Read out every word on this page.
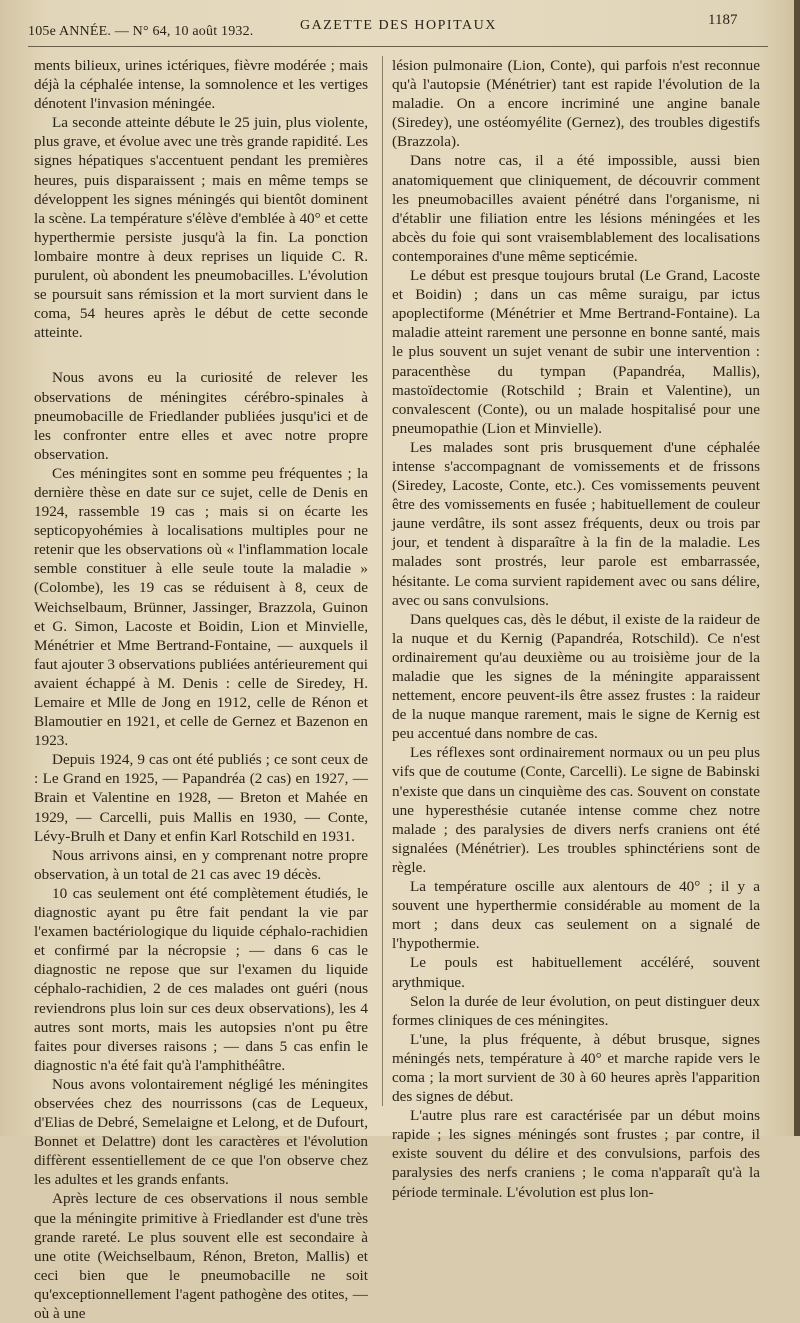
105e ANNÉE. — N° 64, 10 août 1932.	GAZETTE DES HOPITAUX	1187

ments bilieux, urines ictériques, fièvre modérée ; mais déjà la céphalée intense, la somnolence et les vertiges dénotent l'invasion méningée.

La seconde atteinte débute le 25 juin, plus violente, plus grave, et évolue avec une très grande rapidité. Les signes hépatiques s'accentuent pendant les premières heures, puis disparaissent ; mais en même temps se développent les signes méningés qui bientôt dominent la scène. La température s'élève d'emblée à 40° et cette hyperthermie persiste jusqu'à la fin. La ponction lombaire montre à deux reprises un liquide C. R. purulent, où abondent les pneumobacilles. L'évolution se poursuit sans rémission et la mort survient dans le coma, 54 heures après le début de cette seconde atteinte.

Nous avons eu la curiosité de relever les observations de méningites cérébro-spinales à pneumobacille de Friedlander publiées jusqu'ici et de les confronter entre elles et avec notre propre observation.

Ces méningites sont en somme peu fréquentes ; la dernière thèse en date sur ce sujet, celle de Denis en 1924, rassemble 19 cas ; mais si on écarte les septicopyohémies à localisations multiples pour ne retenir que les observations où « l'inflammation locale semble constituer à elle seule toute la maladie » (Colombe), les 19 cas se réduisent à 8, ceux de Weichselbaum, Brünner, Jassinger, Brazzola, Guinon et G. Simon, Lacoste et Boidin, Lion et Minvielle, Ménétrier et Mme Bertrand-Fontaine, — auxquels il faut ajouter 3 observations publiées antérieurement qui avaient échappé à M. Denis : celle de Siredey, H. Lemaire et Mlle de Jong en 1912, celle de Rénon et Blamoutier en 1921, et celle de Gernez et Bazenon en 1923.

Depuis 1924, 9 cas ont été publiés ; ce sont ceux de : Le Grand en 1925, — Papandréa (2 cas) en 1927, — Brain et Valentine en 1928, — Breton et Mahée en 1929, — Carcelli, puis Mallis en 1930, — Conte, Lévy-Brulh et Dany et enfin Karl Rotschild en 1931.

Nous arrivons ainsi, en y comprenant notre propre observation, à un total de 21 cas avec 19 décès.

10 cas seulement ont été complètement étudiés, le diagnostic ayant pu être fait pendant la vie par l'examen bactériologique du liquide céphalo-rachidien et confirmé par la nécropsie ; — dans 6 cas le diagnostic ne repose que sur l'examen du liquide céphalo-rachidien, 2 de ces malades ont guéri (nous reviendrons plus loin sur ces deux observations), les 4 autres sont morts, mais les autopsies n'ont pu être faites pour diverses raisons ; — dans 5 cas enfin le diagnostic n'a été fait qu'à l'amphithéâtre.

Nous avons volontairement négligé les méningites observées chez des nourrissons (cas de Lequeux, d'Elias de Debré, Semelaigne et Lelong, et de Dufourt, Bonnet et Delattre) dont les caractères et l'évolution diffèrent essentiellement de ce que l'on observe chez les adultes et les grands enfants.

Après lecture de ces observations il nous semble que la méningite primitive à Friedlander est d'une très grande rareté. Le plus souvent elle est secondaire à une otite (Weichselbaum, Rénon, Breton, Mallis) et ceci bien que le pneumobacille ne soit qu'exceptionnellement l'agent pathogène des otites, — où à une

lésion pulmonaire (Lion, Conte), qui parfois n'est reconnue qu'à l'autopsie (Ménétrier) tant est rapide l'évolution de la maladie. On a encore incriminé une angine banale (Siredey), une ostéomyélite (Gernez), des troubles digestifs (Brazzola).

Dans notre cas, il a été impossible, aussi bien anatomiquement que cliniquement, de découvrir comment les pneumobacilles avaient pénétré dans l'organisme, ni d'établir une filiation entre les lésions méningées et les abcès du foie qui sont vraisemblablement des localisations contemporaines d'une même septicémie.

Le début est presque toujours brutal (Le Grand, Lacoste et Boidin) ; dans un cas même suraigu, par ictus apoplectiforme (Ménétrier et Mme Bertrand-Fontaine). La maladie atteint rarement une personne en bonne santé, mais le plus souvent un sujet venant de subir une intervention : paracenthèse du tympan (Papandréa, Mallis), mastoïdectomie (Rotschild ; Brain et Valentine), un convalescent (Conte), ou un malade hospitalisé pour une pneumopathie (Lion et Minvielle).

Les malades sont pris brusquement d'une céphalée intense s'accompagnant de vomissements et de frissons (Siredey, Lacoste, Conte, etc.). Ces vomissements peuvent être des vomissements en fusée ; habituellement de couleur jaune verdâtre, ils sont assez fréquents, deux ou trois par jour, et tendent à disparaître à la fin de la maladie. Les malades sont prostrés, leur parole est embarrassée, hésitante. Le coma survient rapidement avec ou sans délire, avec ou sans convulsions.

Dans quelques cas, dès le début, il existe de la raideur de la nuque et du Kernig (Papandréa, Rotschild). Ce n'est ordinairement qu'au deuxième ou au troisième jour de la maladie que les signes de la méningite apparaissent nettement, encore peuvent-ils être assez frustes : la raideur de la nuque manque rarement, mais le signe de Kernig est peu accentué dans nombre de cas.

Les réflexes sont ordinairement normaux ou un peu plus vifs que de coutume (Conte, Carcelli). Le signe de Babinski n'existe que dans un cinquième des cas. Souvent on constate une hyperesthésie cutanée intense comme chez notre malade ; des paralysies de divers nerfs craniens ont été signalées (Ménétrier). Les troubles sphinctériens sont de règle.

La température oscille aux alentours de 40° ; il y a souvent une hyperthermie considérable au moment de la mort ; dans deux cas seulement on a signalé de l'hypothermie.

Le pouls est habituellement accéléré, souvent arythmique.

Selon la durée de leur évolution, on peut distinguer deux formes cliniques de ces méningites.

L'une, la plus fréquente, à début brusque, signes méningés nets, température à 40° et marche rapide vers le coma ; la mort survient de 30 à 60 heures après l'apparition des signes de début.

L'autre plus rare est caractérisée par un début moins rapide ; les signes méningés sont frustes ; par contre, il existe souvent du délire et des convulsions, parfois des paralysies des nerfs craniens ; le coma n'apparaît qu'à la période terminale. L'évolution est plus lon-
